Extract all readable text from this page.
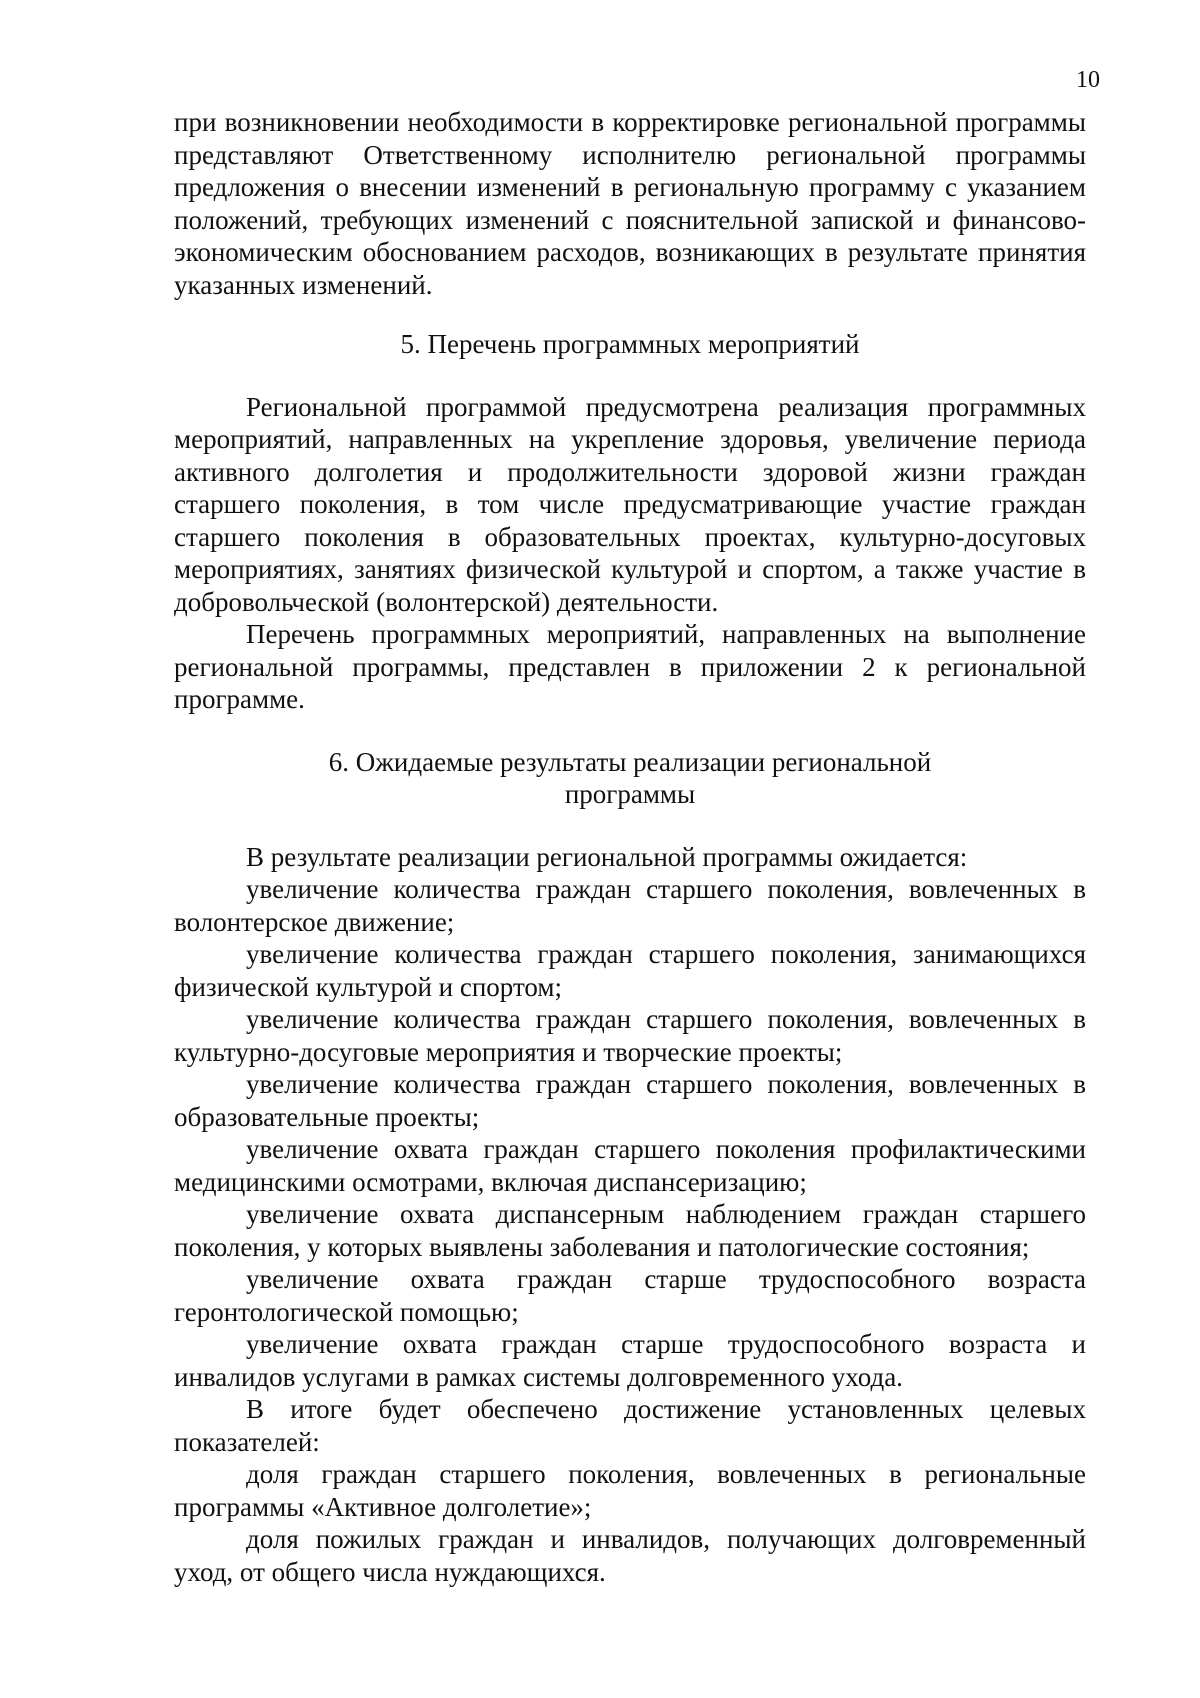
10

при возникновении необходимости в корректировке региональной программы представляют Ответственному исполнителю региональной программы предложения о внесении изменений в региональную программу с указанием положений, требующих изменений с пояснительной запиской и финансово-экономическим обоснованием расходов, возникающих в результате принятия указанных изменений.

5. Перечень программных мероприятий

Региональной программой предусмотрена реализация программных мероприятий, направленных на укрепление здоровья, увеличение периода активного долголетия и продолжительности здоровой жизни граждан старшего поколения, в том числе предусматривающие участие граждан старшего поколения в образовательных проектах, культурно-досуговых мероприятиях, занятиях физической культурой и спортом, а также участие в добровольческой (волонтерской) деятельности.

Перечень программных мероприятий, направленных на выполнение региональной программы, представлен в приложении 2 к региональной программе.

6. Ожидаемые результаты реализации региональной программы

В результате реализации региональной программы ожидается:

увеличение количества граждан старшего поколения, вовлеченных в волонтерское движение;

увеличение количества граждан старшего поколения, занимающихся физической культурой и спортом;

увеличение количества граждан старшего поколения, вовлеченных в культурно-досуговые мероприятия и творческие проекты;

увеличение количества граждан старшего поколения, вовлеченных в образовательные проекты;

увеличение охвата граждан старшего поколения профилактическими медицинскими осмотрами, включая диспансеризацию;

увеличение охвата диспансерным наблюдением граждан старшего поколения, у которых выявлены заболевания и патологические состояния;

увеличение охвата граждан старше трудоспособного возраста геронтологической помощью;

увеличение охвата граждан старше трудоспособного возраста и инвалидов услугами в рамках системы долговременного ухода.

В итоге будет обеспечено достижение установленных целевых показателей:

доля граждан старшего поколения, вовлеченных в региональные программы «Активное долголетие»;

доля пожилых граждан и инвалидов, получающих долговременный уход, от общего числа нуждающихся.
